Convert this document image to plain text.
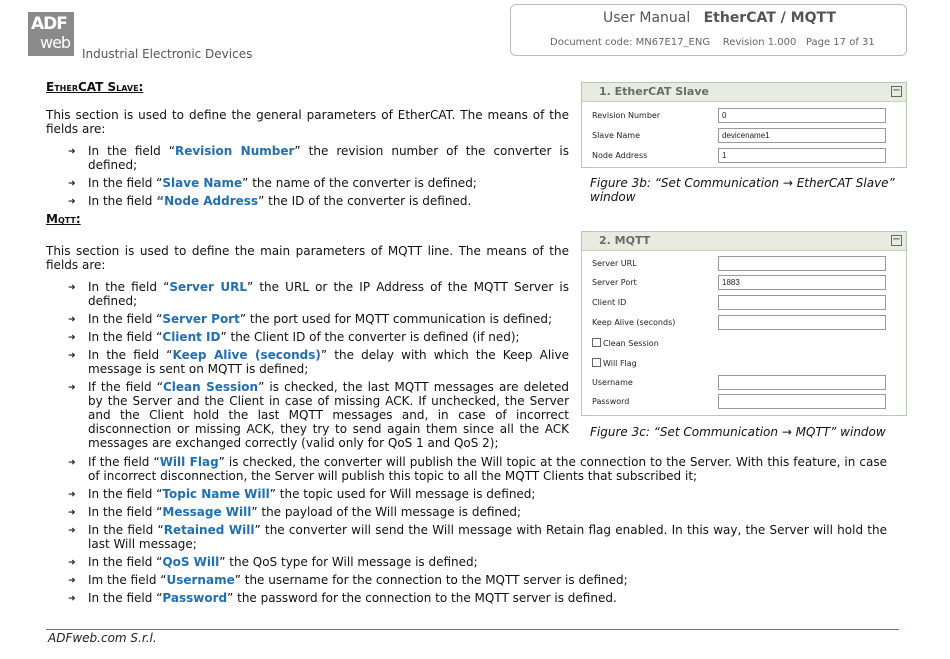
ADF
web
Industrial Electronic Devices
User Manual EtherCAT / MQTT
Document code: MN67E17_ENG    Revision 1.000   Page 17 of 31
EtherCAT Slave:
This section is used to define the general parameters of EtherCAT. The means of the fields are:
➜ In the field “Revision Number” the revision number of the converter is defined;
➜ In the field “Slave Name” the name of the converter is defined;
➜ In the field “Node Address” the ID of the converter is defined.
Mqtt:
This section is used to define the main parameters of MQTT line. The means of the fields are:
➜ In the field “Server URL” the URL or the IP Address of the MQTT Server is defined;
➜ In the field “Server Port” the port used for MQTT communication is defined;
➜ In the field “Client ID” the Client ID of the converter is defined (if ned);
➜ In the field “Keep Alive (seconds)” the delay with which the Keep Alive message is sent on MQTT is defined;
➜ If the field “Clean Session” is checked, the last MQTT messages are deleted by the Server and the Client in case of missing ACK. If unchecked, the Server and the Client hold the last MQTT messages and, in case of incorrect disconnection or missing ACK, they try to send again them since all the ACK messages are exchanged correctly (valid only for QoS 1 and QoS 2);
➜ If the field “Will Flag” is checked, the converter will publish the Will topic at the connection to the Server. With this feature, in case of incorrect disconnection, the Server will publish this topic to all the MQTT Clients that subscribed it;
➜ In the field “Topic Name Will” the topic used for Will message is defined;
➜ In the field “Message Will” the payload of the Will message is defined;
➜ In the field “Retained Will” the converter will send the Will message with Retain flag enabled. In this way, the Server will hold the last Will message;
➜ In the field “QoS Will” the QoS type for Will message is defined;
➜ Im the field “Username” the username for the connection to the MQTT server is defined;
➜ In the field “Password” the password for the connection to the MQTT server is defined.
1. EtherCAT Slave	−
Revision Number
0
Slave Name
devicename1
Node Address
1
Figure 3b: “Set Communication → EtherCAT Slave”
window
2. MQTT	−
Server URL
Server Port
1883
Client ID
Keep Alive (seconds)
Clean Session
Will Flag
Username
Password
Figure 3c: “Set Communication → MQTT” window
ADFweb.com S.r.l.
